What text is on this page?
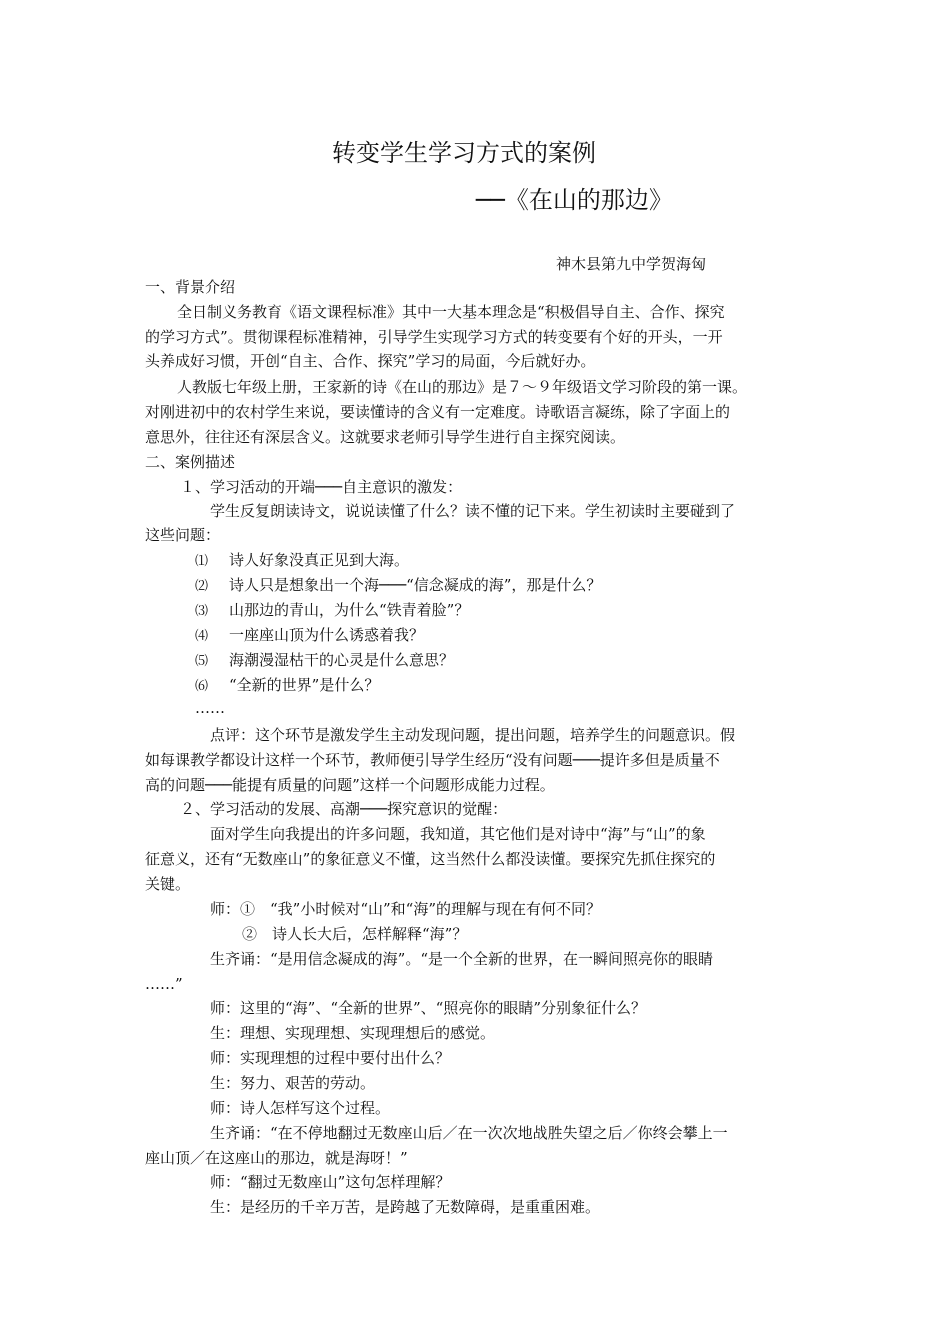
转变学生学习方式的案例
──《在山的那边》
神木县第九中学贺海匈
一、背景介绍
全日制义务教育《语文课程标准》其中一大基本理念是“积极倡导自主、合作、探究
的学习方式”。贯彻课程标准精神，引导学生实现学习方式的转变要有个好的开头，一开
头养成好习惯，开创“自主、合作、探究”学习的局面，今后就好办。
人教版七年级上册，王家新的诗《在山的那边》是７～９年级语文学习阶段的第一课。
对刚进初中的农村学生来说，要读懂诗的含义有一定难度。诗歌语言凝练，除了字面上的
意思外，往往还有深层含义。这就要求老师引导学生进行自主探究阅读。
二、案例描述
１、学习活动的开端───自主意识的激发：
学生反复朗读诗文，说说读懂了什么？读不懂的记下来。学生初读时主要碰到了
这些问题：
⑴ 诗人好象没真正见到大海。
⑵ 诗人只是想象出一个海───“信念凝成的海”，那是什么？
⑶ 山那边的青山，为什么“铁青着脸”？
⑷ 一座座山顶为什么诱惑着我？
⑸ 海潮漫湿枯干的心灵是什么意思？
⑹ “全新的世界”是什么？
……
点评：这个环节是激发学生主动发现问题，提出问题，培养学生的问题意识。假
如每课教学都设计这样一个环节，教师便引导学生经历“没有问题───提许多但是质量不
高的问题───能提有质量的问题”这样一个问题形成能力过程。
２、学习活动的发展、高潮───探究意识的觉醒：
面对学生向我提出的许多问题，我知道，其它他们是对诗中“海”与“山”的象
征意义，还有“无数座山”的象征意义不懂，这当然什么都没读懂。要探究先抓住探究的
关键。
师：①　“我”小时候对“山”和“海”的理解与现在有何不同？
②　诗人长大后，怎样解释“海”？
生齐诵：“是用信念凝成的海”。“是一个全新的世界，在一瞬间照亮你的眼睛
……”
师：这里的“海”、“全新的世界”、“照亮你的眼睛”分别象征什么？
生：理想、实现理想、实现理想后的感觉。
师：实现理想的过程中要付出什么？
生：努力、艰苦的劳动。
师：诗人怎样写这个过程。
生齐诵：“在不停地翻过无数座山后／在一次次地战胜失望之后／你终会攀上一
座山顶／在这座山的那边，就是海呀！”
师：“翻过无数座山”这句怎样理解？
生：是经历的千辛万苦，是跨越了无数障碍，是重重困难。
